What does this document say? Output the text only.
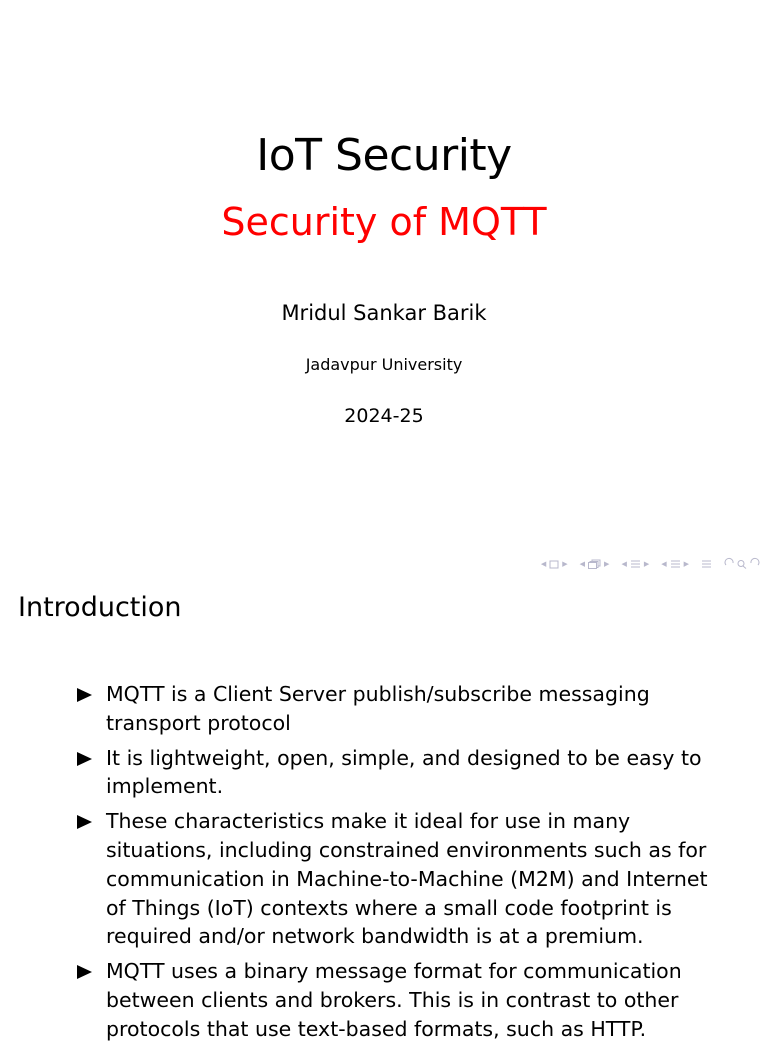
IoT Security
Security of MQTT
Mridul Sankar Barik
Jadavpur University
2024-25
◀ ▶ ◀	▶ ◀ ▶ ◀ ▶
Introduction
MQTT is a Client Server publish/subscribe messaging transport protocol
It is lightweight, open, simple, and designed to be easy to implement.
These characteristics make it ideal for use in many situations, including constrained environments such as for communication in Machine-to-Machine (M2M) and Internet of Things (IoT) contexts where a small code footprint is required and/or network bandwidth is at a premium.
MQTT uses a binary message format for communication between clients and brokers. This is in contrast to other protocols that use text-based formats, such as HTTP.
